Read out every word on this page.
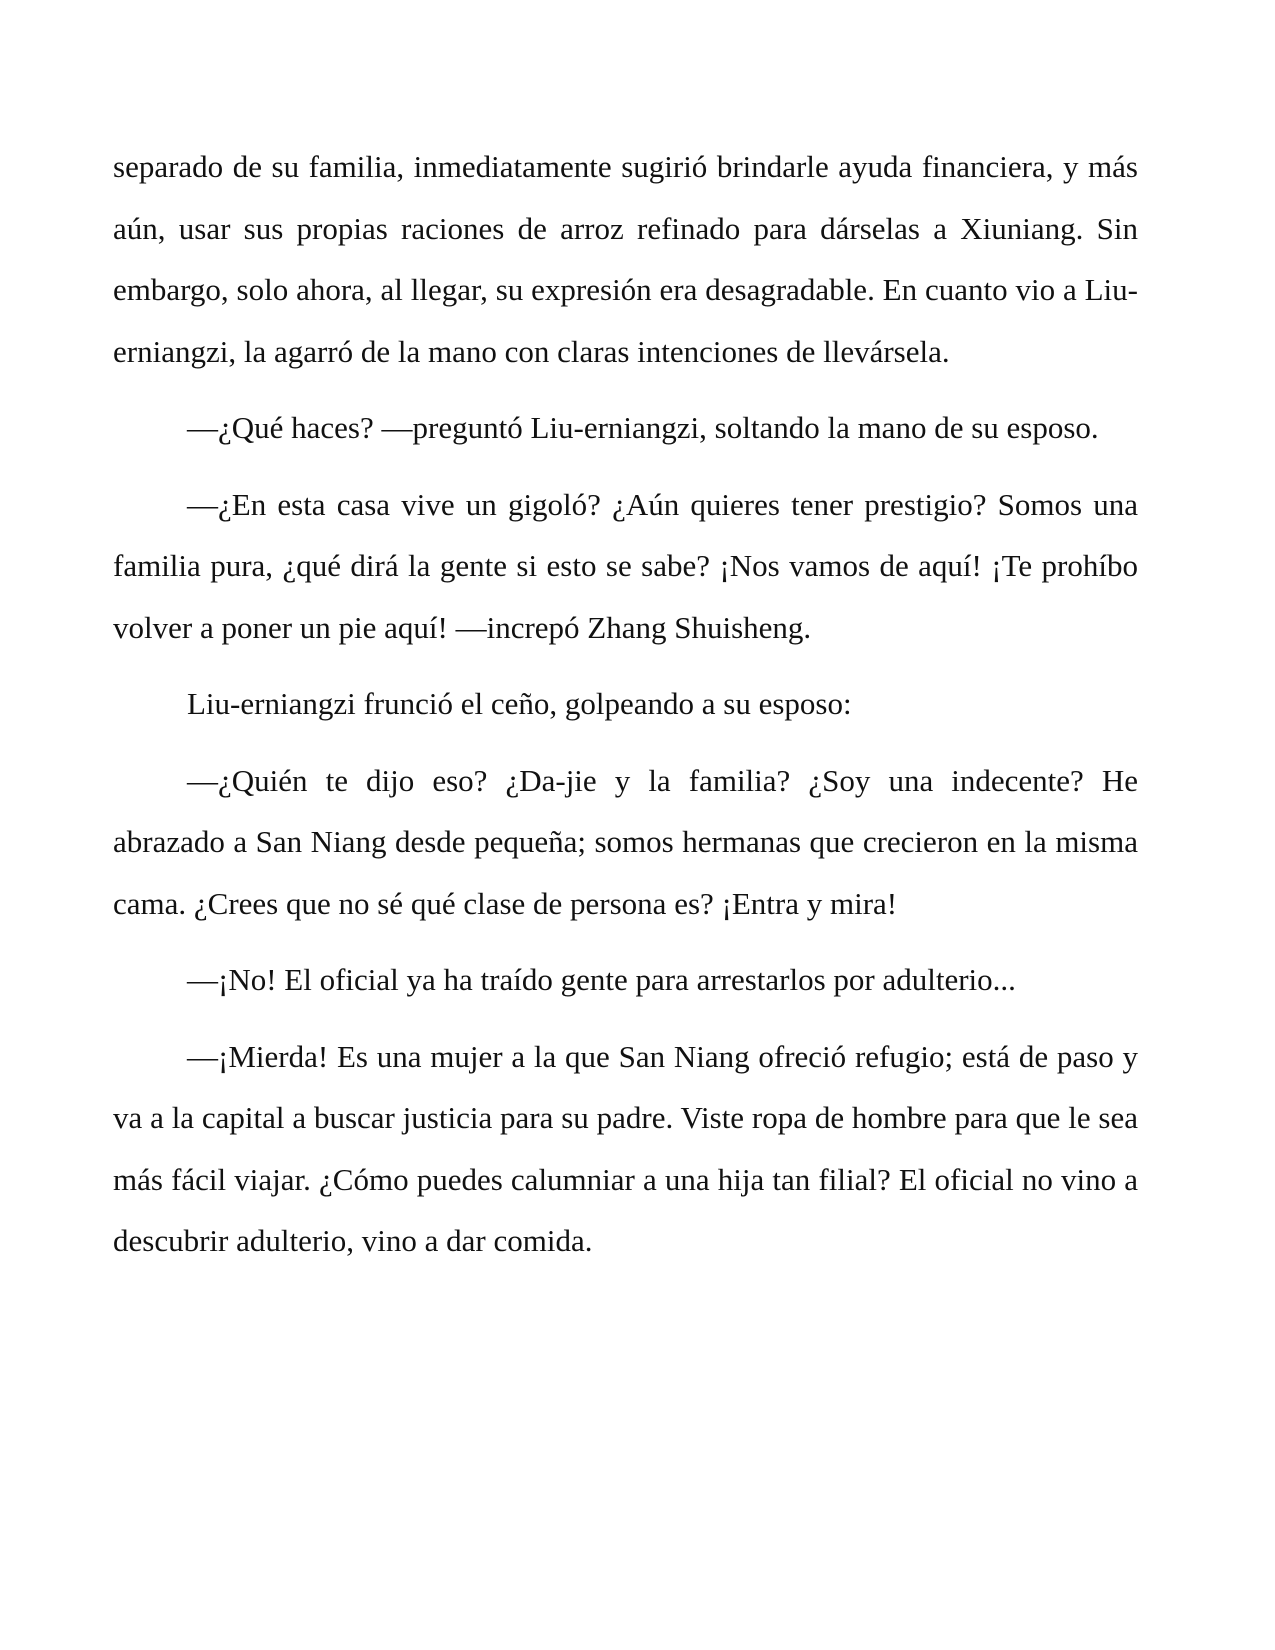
separado de su familia, inmediatamente sugirió brindarle ayuda financiera, y más aún, usar sus propias raciones de arroz refinado para dárselas a Xiuniang. Sin embargo, solo ahora, al llegar, su expresión era desagradable. En cuanto vio a Liu-erniangzi, la agarró de la mano con claras intenciones de llevársela.

—¿Qué haces? —preguntó Liu-erniangzi, soltando la mano de su esposo.

—¿En esta casa vive un gigoló? ¿Aún quieres tener prestigio? Somos una familia pura, ¿qué dirá la gente si esto se sabe? ¡Nos vamos de aquí! ¡Te prohíbo volver a poner un pie aquí! —increpó Zhang Shuisheng.

Liu-erniangzi frunció el ceño, golpeando a su esposo:

—¿Quién te dijo eso? ¿Da-jie y la familia? ¿Soy una indecente? He abrazado a San Niang desde pequeña; somos hermanas que crecieron en la misma cama. ¿Crees que no sé qué clase de persona es? ¡Entra y mira!

—¡No! El oficial ya ha traído gente para arrestarlos por adulterio...

—¡Mierda! Es una mujer a la que San Niang ofreció refugio; está de paso y va a la capital a buscar justicia para su padre. Viste ropa de hombre para que le sea más fácil viajar. ¿Cómo puedes calumniar a una hija tan filial? El oficial no vino a descubrir adulterio, vino a dar comida.
